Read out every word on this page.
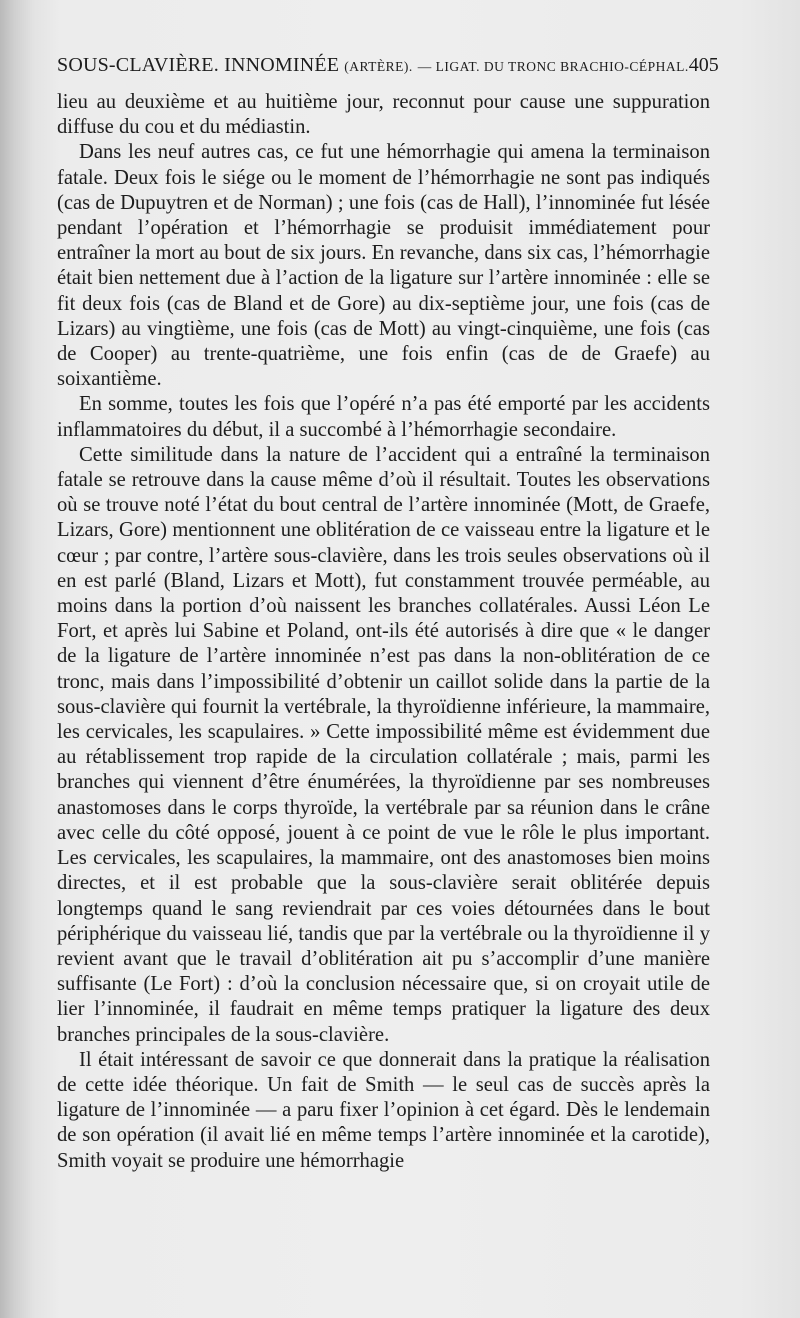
SOUS-CLAVIÈRE. INNOMINÉE (ARTÈRE). — LIGAT. DU TRONC BRACHIO-CÉPHAL. 405

lieu au deuxième et au huitième jour, reconnut pour cause une suppuration diffuse du cou et du médiastin.

Dans les neuf autres cas, ce fut une hémorrhagie qui amena la terminaison fatale. Deux fois le siége ou le moment de l’hémorrhagie ne sont pas indiqués (cas de Dupuytren et de Norman) ; une fois (cas de Hall), l’innominée fut lésée pendant l’opération et l’hémorrhagie se produisit immédiatement pour entraîner la mort au bout de six jours. En revanche, dans six cas, l’hémorrhagie était bien nettement due à l’action de la ligature sur l’artère innominée : elle se fit deux fois (cas de Bland et de Gore) au dix-septième jour, une fois (cas de Lizars) au vingtième, une fois (cas de Mott) au vingt-cinquième, une fois (cas de Cooper) au trente-quatrième, une fois enfin (cas de de Graefe) au soixantième.

En somme, toutes les fois que l’opéré n’a pas été emporté par les accidents inflammatoires du début, il a succombé à l’hémorrhagie secondaire.

Cette similitude dans la nature de l’accident qui a entraîné la terminaison fatale se retrouve dans la cause même d’où il résultait. Toutes les observations où se trouve noté l’état du bout central de l’artère innominée (Mott, de Graefe, Lizars, Gore) mentionnent une oblitération de ce vaisseau entre la ligature et le cœur ; par contre, l’artère sous-clavière, dans les trois seules observations où il en est parlé (Bland, Lizars et Mott), fut constamment trouvée perméable, au moins dans la portion d’où naissent les branches collatérales. Aussi Léon Le Fort, et après lui Sabine et Poland, ont-ils été autorisés à dire que « le danger de la ligature de l’artère innominée n’est pas dans la non-oblitération de ce tronc, mais dans l’impossibilité d’obtenir un caillot solide dans la partie de la sous-clavière qui fournit la vertébrale, la thyroïdienne inférieure, la mammaire, les cervicales, les scapulaires. » Cette impossibilité même est évidemment due au rétablissement trop rapide de la circulation collatérale ; mais, parmi les branches qui viennent d’être énumérées, la thyroïdienne par ses nombreuses anastomoses dans le corps thyroïde, la vertébrale par sa réunion dans le crâne avec celle du côté opposé, jouent à ce point de vue le rôle le plus important. Les cervicales, les scapulaires, la mammaire, ont des anastomoses bien moins directes, et il est probable que la sous-clavière serait oblitérée depuis longtemps quand le sang reviendrait par ces voies détournées dans le bout périphérique du vaisseau lié, tandis que par la vertébrale ou la thyroïdienne il y revient avant que le travail d’oblitération ait pu s’accomplir d’une manière suffisante (Le Fort) : d’où la conclusion nécessaire que, si on croyait utile de lier l’innominée, il faudrait en même temps pratiquer la ligature des deux branches principales de la sous-clavière.

Il était intéressant de savoir ce que donnerait dans la pratique la réalisation de cette idée théorique. Un fait de Smith — le seul cas de succès après la ligature de l’innominée — a paru fixer l’opinion à cet égard. Dès le lendemain de son opération (il avait lié en même temps l’artère innominée et la carotide), Smith voyait se produire une hémorrhagie
